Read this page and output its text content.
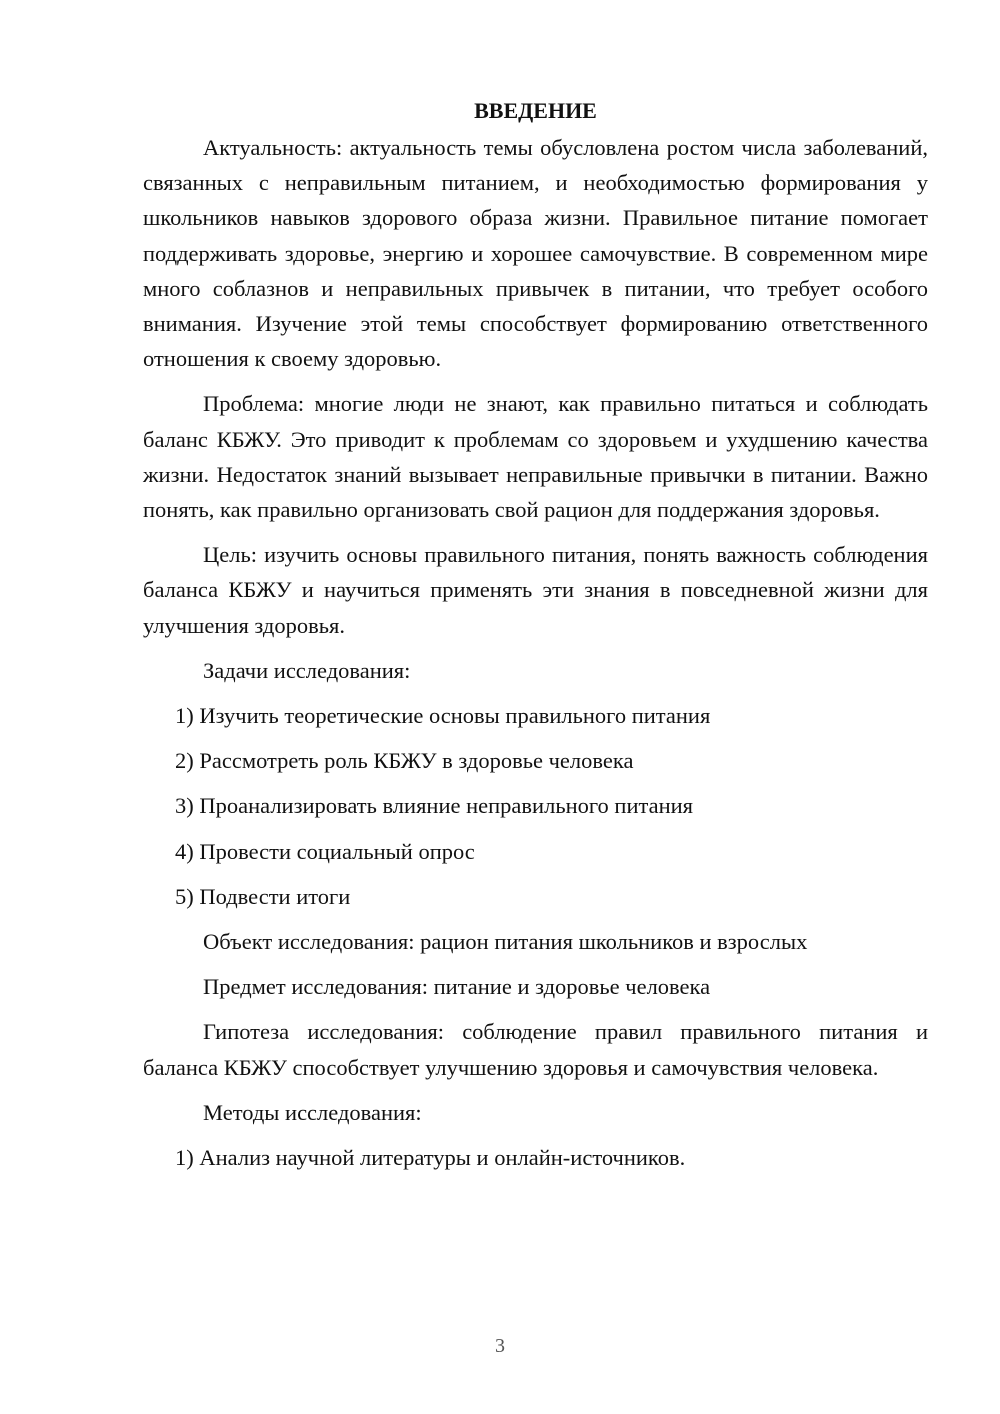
ВВЕДЕНИЕ

Актуальность: актуальность темы обусловлена ростом числа заболеваний, связанных с неправильным питанием, и необходимостью формирования у школьников навыков здорового образа жизни. Правильное питание помогает поддерживать здоровье, энергию и хорошее самочувствие. В современном мире много соблазнов и неправильных привычек в питании, что требует особого внимания. Изучение этой темы способствует формированию ответственного отношения к своему здоровью.

Проблема: многие люди не знают, как правильно питаться и соблюдать баланс КБЖУ. Это приводит к проблемам со здоровьем и ухудшению качества жизни. Недостаток знаний вызывает неправильные привычки в питании. Важно понять, как правильно организовать свой рацион для поддержания здоровья.

Цель: изучить основы правильного питания, понять важность соблюдения баланса КБЖУ и научиться применять эти знания в повседневной жизни для улучшения здоровья.

Задачи исследования:
1) Изучить теоретические основы правильного питания
2) Рассмотреть роль КБЖУ в здоровье человека
3) Проанализировать влияние неправильного питания
4) Провести социальный опрос
5) Подвести итоги
Объект исследования: рацион питания школьников и взрослых
Предмет исследования: питание и здоровье человека

Гипотеза исследования: соблюдение правил правильного питания и баланса КБЖУ способствует улучшению здоровья и самочувствия человека.

Методы исследования:
1) Анализ научной литературы и онлайн-источников.
3
